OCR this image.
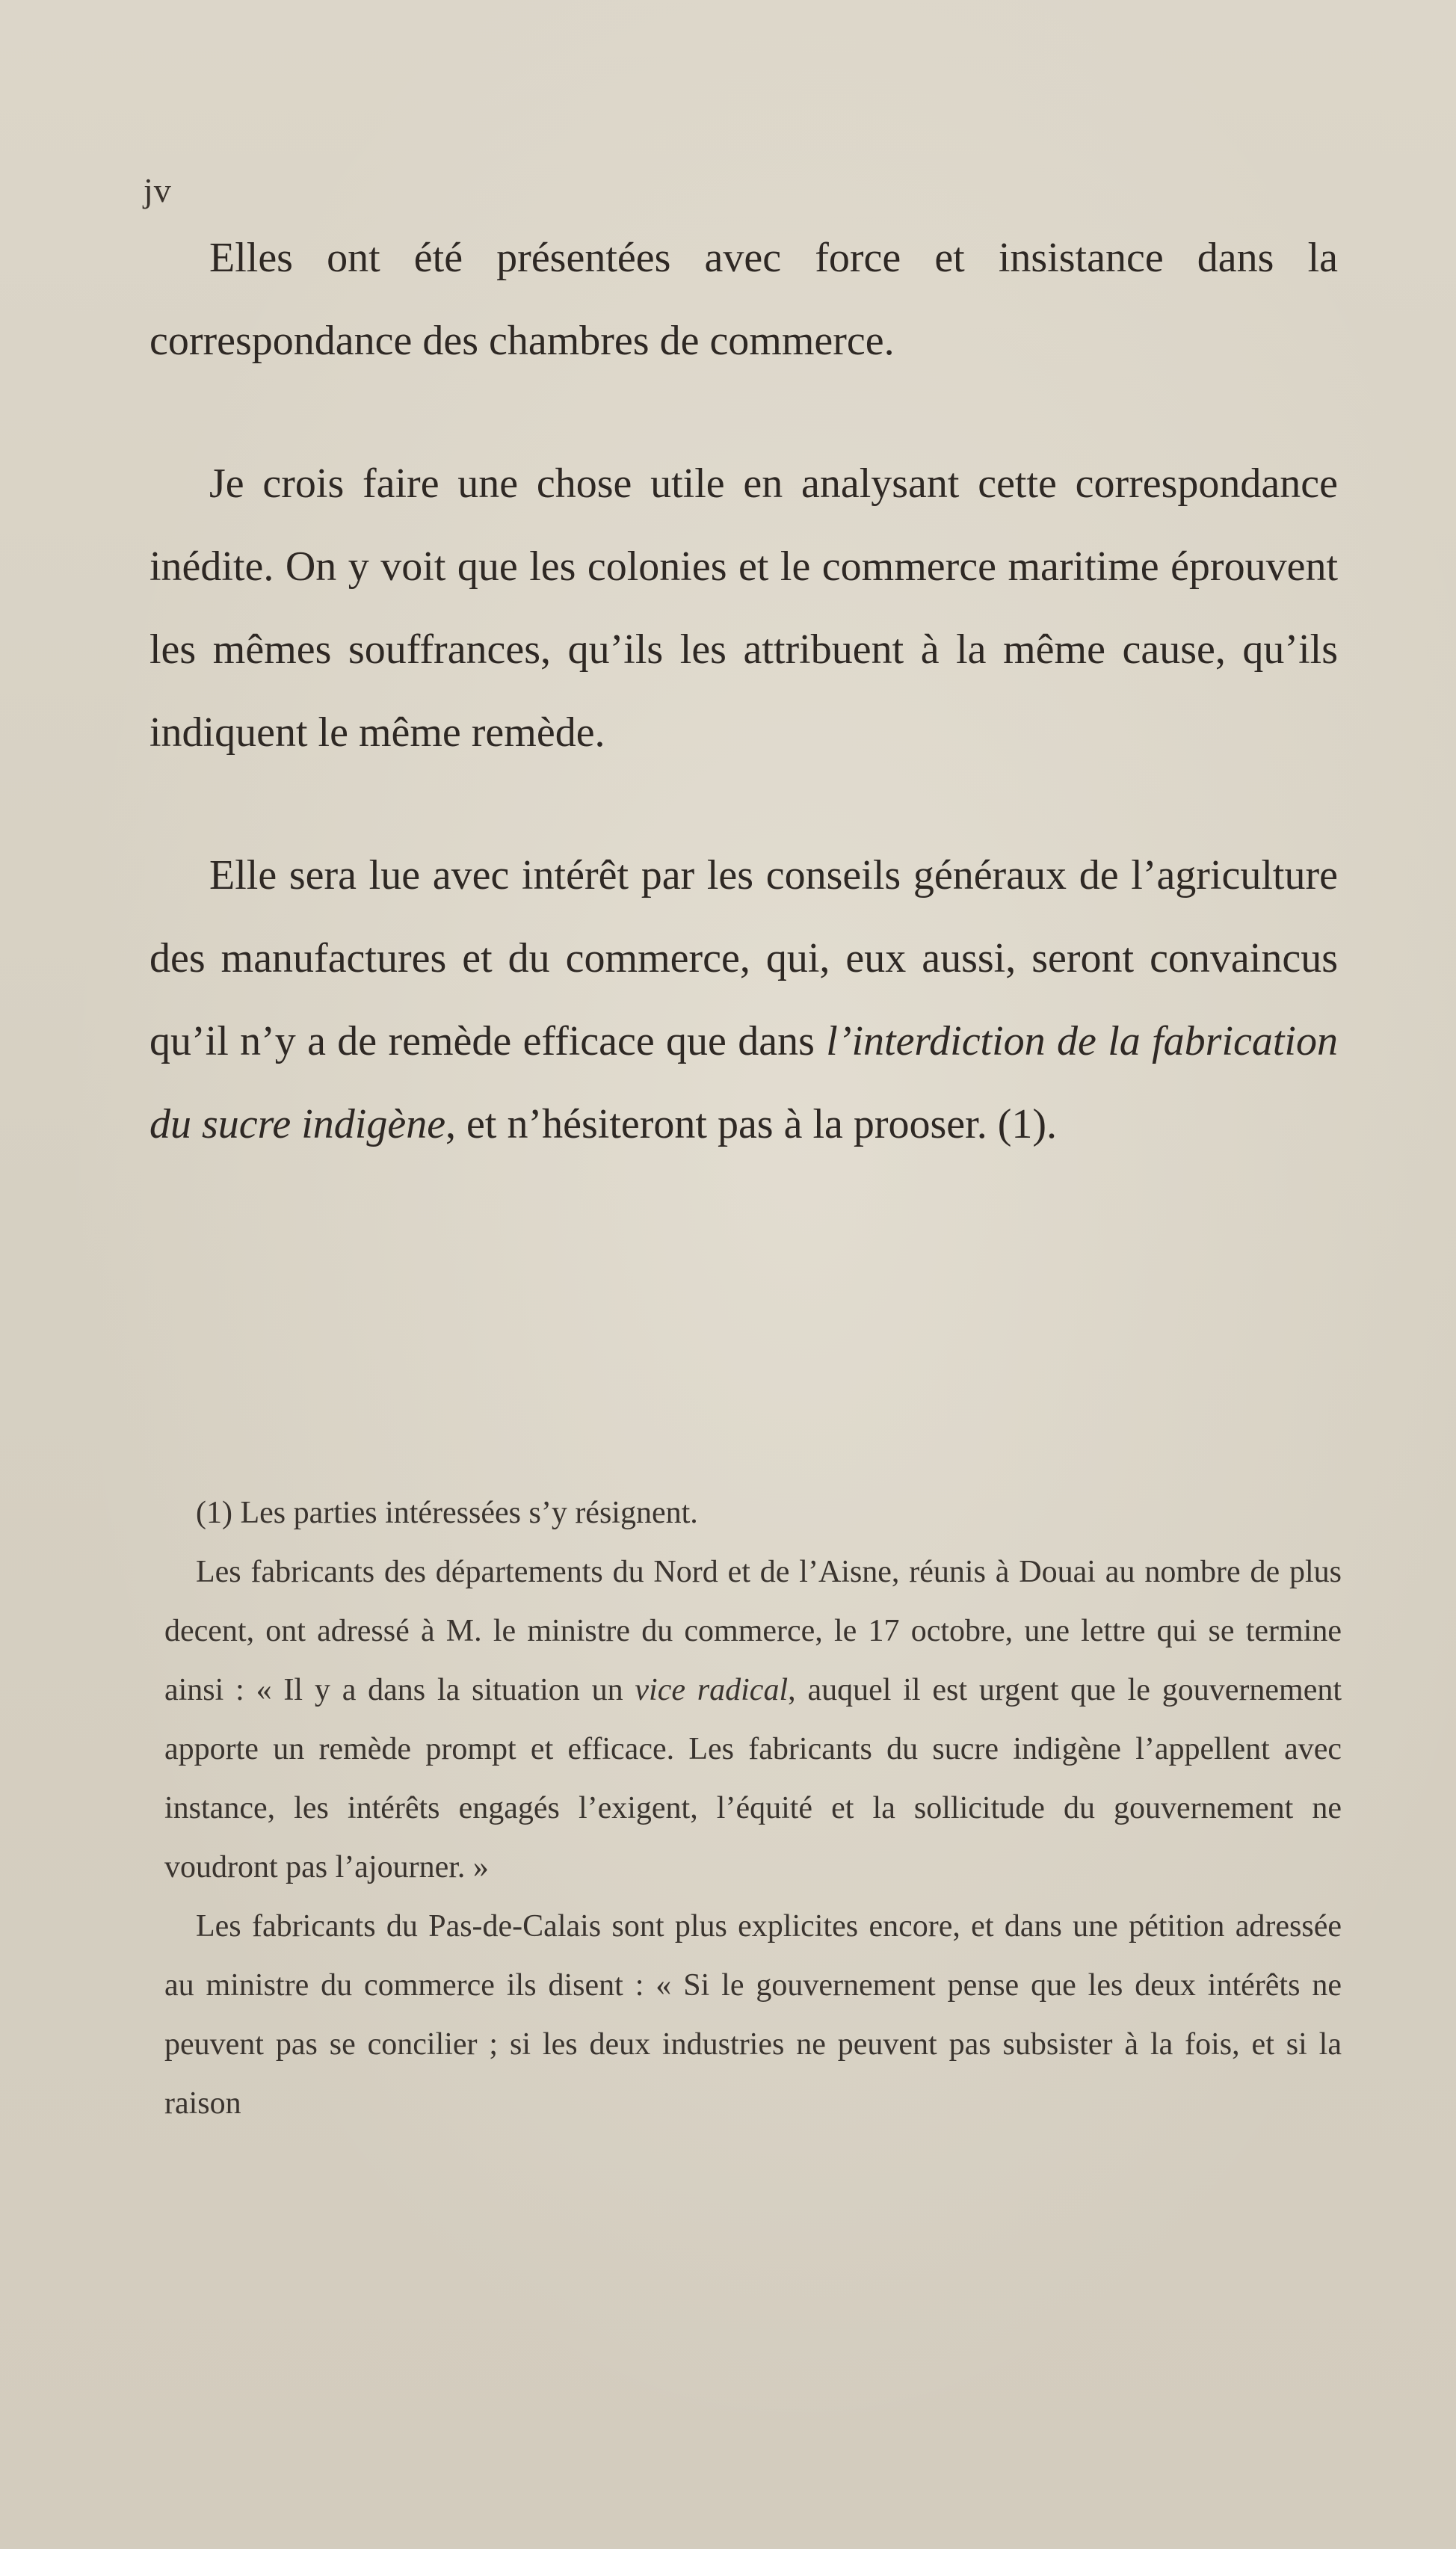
jv

Elles ont été présentées avec force et insistance dans la correspondance des chambres de commerce.

Je crois faire une chose utile en analysant cette correspondance inédite. On y voit que les colonies et le commerce maritime éprouvent les mêmes souffrances, qu’ils les attribuent à la même cause, qu’ils indiquent le même remède.

Elle sera lue avec intérêt par les conseils généraux de l’agriculture des manufactures et du commerce, qui, eux aussi, seront convaincus qu’il n’y a de remède efficace que dans l’interdiction de la fabrication du sucre indigène, et n’hésiteront pas à la prooser. (1).

(1) Les parties intéressées s’y résignent.

Les fabricants des départements du Nord et de l’Aisne, réunis à Douai au nombre de plus decent, ont adressé à M. le ministre du commerce, le 17 octobre, une lettre qui se termine ainsi : « Il y a dans la situation un vice radical, auquel il est urgent que le gouvernement apporte un remède prompt et efficace. Les fabricants du sucre indigène l’appellent avec instance, les intérêts engagés l’exigent, l’équité et la sollicitude du gouvernement ne voudront pas l’ajourner. »

Les fabricants du Pas-de-Calais sont plus explicites encore, et dans une pétition adressée au ministre du commerce ils disent : « Si le gouvernement pense que les deux intérêts ne peuvent pas se concilier ; si les deux industries ne peuvent pas subsister à la fois, et si la raison
